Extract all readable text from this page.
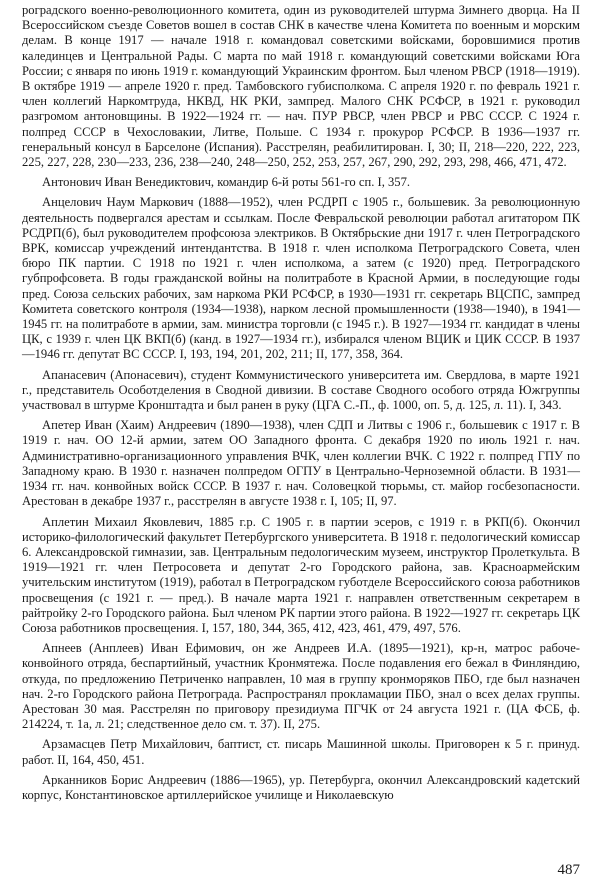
роградского военно-революционного комитета, один из руководителей штурма Зимнего дворца. На II Всероссийском съезде Советов вошел в состав СНК в качестве члена Комитета по военным и морским делам. В конце 1917 — начале 1918 г. командовал советскими войсками, боровшимися против калединцев и Центральной Рады. С марта по май 1918 г. командующий советскими войсками Юга России; с января по июнь 1919 г. командующий Украинским фронтом. Был членом РВСР (1918—1919). В октябре 1919 — апреле 1920 г. пред. Тамбовского губисполкома. С апреля 1920 г. по февраль 1921 г. член коллегий Наркомтруда, НКВД, НК РКИ, зампред. Малого СНК РСФСР, в 1921 г. руководил разгромом антоновщины. В 1922—1924 гг. — нач. ПУР РВСР, член РВСР и РВС СССР. С 1924 г. полпред СССР в Чехословакии, Литве, Польше. С 1934 г. прокурор РСФСР. В 1936—1937 гг. генеральный консул в Барселоне (Испания). Расстрелян, реабилитирован. I, 30; II, 218—220, 222, 223, 225, 227, 228, 230—233, 236, 238—240, 248—250, 252, 253, 257, 267, 290, 292, 293, 298, 466, 471, 472.

Антонович Иван Венедиктович, командир 6-й роты 561-го сп. I, 357.

Анцелович Наум Маркович (1888—1952), член РСДРП с 1905 г., большевик. За революционную деятельность подвергался арестам и ссылкам. После Февральской революции работал агитатором ПК РСДРП(б), был руководителем профсоюза электриков. В Октябрьские дни 1917 г. член Петроградского ВРК, комиссар учреждений интендантства. В 1918 г. член исполкома Петроградского Совета, член бюро ПК партии. С 1918 по 1921 г. член исполкома, а затем (с 1920) пред. Петроградского губпрофсовета. В годы гражданской войны на политработе в Красной Армии, в последующие годы пред. Союза сельских рабочих, зам наркома РКИ РСФСР, в 1930—1931 гг. секретарь ВЦСПС, зампред Комитета советского контроля (1934—1938), нарком лесной промышленности (1938—1940), в 1941—1945 гг. на политработе в армии, зам. министра торговли (с 1945 г.). В 1927—1934 гг. кандидат в члены ЦК, с 1939 г. член ЦК ВКП(б) (канд. в 1927—1934 гг.), избирался членом ВЦИК и ЦИК СССР. В 1937—1946 гг. депутат ВС СССР. I, 193, 194, 201, 202, 211; II, 177, 358, 364.

Апанасевич (Апонасевич), студент Коммунистического университета им. Свердлова, в марте 1921 г., представитель Особотделения в Сводной дивизии. В составе Сводного особого отряда Южгруппы участвовал в штурме Кронштадта и был ранен в руку (ЦГА С.-П., ф. 1000, оп. 5, д. 125, л. 11). I, 343.

Апетер Иван (Хаим) Андреевич (1890—1938), член СДП и Литвы с 1906 г., большевик с 1917 г. В 1919 г. нач. ОО 12-й армии, затем ОО Западного фронта. С декабря 1920 по июль 1921 г. нач. Административно-организационного управления ВЧК, член коллегии ВЧК. С 1922 г. полпред ГПУ по Западному краю. В 1930 г. назначен полпредом ОГПУ в Центрально-Черноземной области. В 1931—1934 гг. нач. конвойных войск СССР. В 1937 г. нач. Соловецкой тюрьмы, ст. майор госбезопасности. Арестован в декабре 1937 г., расстрелян в августе 1938 г. I, 105; II, 97.

Аплетин Михаил Яковлевич, 1885 г.р. С 1905 г. в партии эсеров, с 1919 г. в РКП(б). Окончил историко-филологический факультет Петербургского университета. В 1918 г. педологический комиссар 6. Александровской гимназии, зав. Центральным педологическим музеем, инструктор Пролеткульта. В 1919—1921 гг. член Петросовета и депутат 2-го Городского района, зав. Красноармейским учительским институтом (1919), работал в Петроградском губотделе Всероссийского союза работников просвещения (с 1921 г. — пред.). В начале марта 1921 г. направлен ответственным секретарем в райтройку 2-го Городского района. Был членом РК партии этого района. В 1922—1927 гг. секретарь ЦК Союза работников просвещения. I, 157, 180, 344, 365, 412, 423, 461, 479, 497, 576.

Апнеев (Анплеев) Иван Ефимович, он же Андреев И.А. (1895—1921), кр-н, матрос рабоче-конвойного отряда, беспартийный, участник Кронмятежа. После подавления его бежал в Финляндию, откуда, по предложению Петриченко направлен, 10 мая в группу кронморяков ПБО, где был назначен нач. 2-го Городского района Петрограда. Распространял прокламации ПБО, знал о всех делах группы. Арестован 30 мая. Расстрелян по приговору президиума ПГЧК от 24 августа 1921 г. (ЦА ФСБ, ф. 214224, т. 1а, л. 21; следственное дело см. т. 37). II, 275.

Арзамасцев Петр Михайлович, баптист, ст. писарь Машинной школы. Приговорен к 5 г. принуд. работ. II, 164, 450, 451.

Арканников Борис Андреевич (1886—1965), ур. Петербурга, окончил Александровский кадетский корпус, Константиновское артиллерийское училище и Николаевскую

487
